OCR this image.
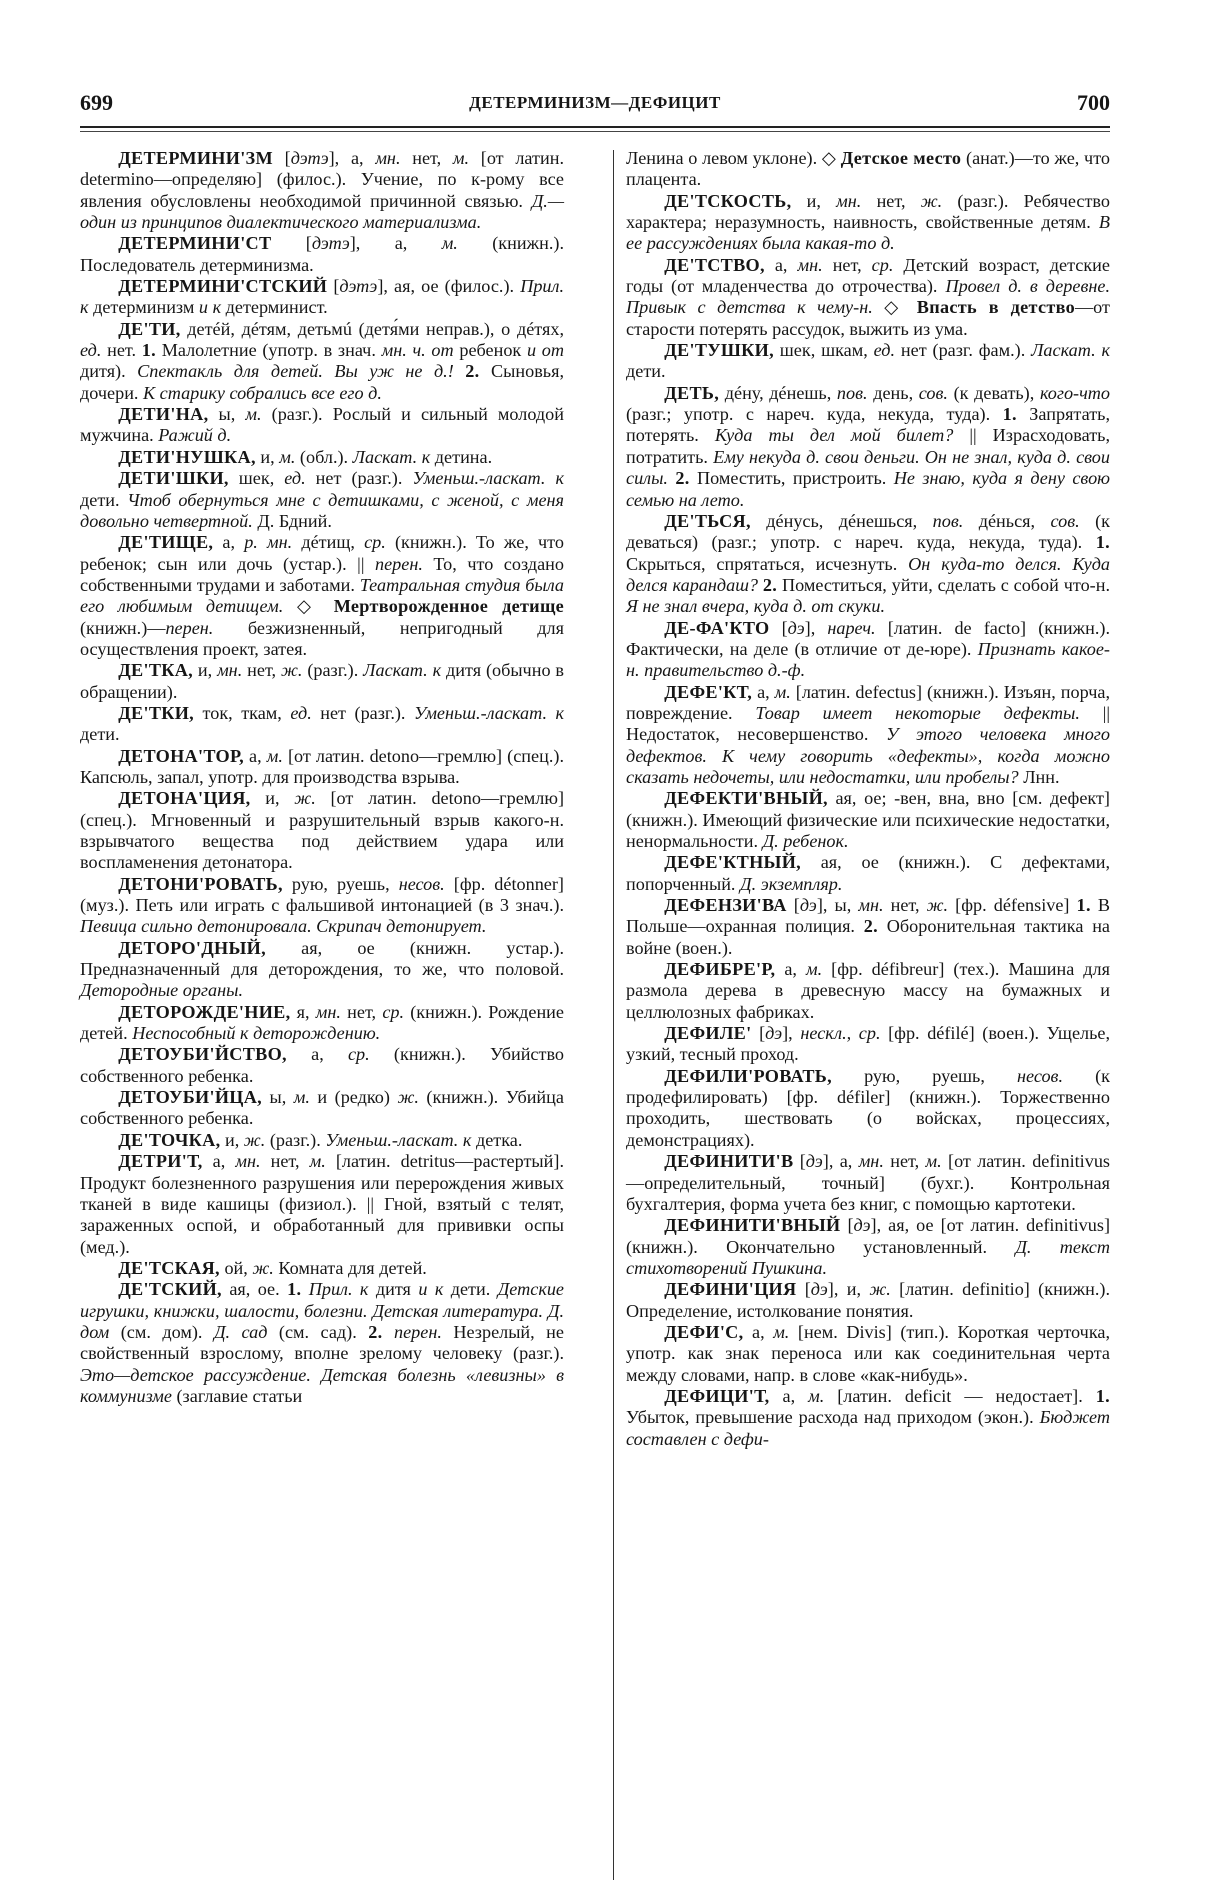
699	ДЕТЕРМИНИЗМ—ДЕФИЦИТ	700

ДЕТЕРМИНИ'ЗМ [дэтэ], а, мн. нет, м. [от латин. determino—определяю] (филос.). Учение, по к-рому все явления обусловлены необходимой причинной связью. Д.—один из принципов диалектического материализма.

ДЕТЕРМИНИ'СТ [дэтэ], а, м. (книжн.). Последователь детерминизма.

ДЕТЕРМИНИ'СТСКИЙ [дэтэ], ая, ое (филос.). Прил. к детерминизм и к детерминист.

ДЕ'ТИ, детéй, дéтям, детьмú (детя́ми неправ.), о дéтях, ед. нет. 1. Малолетние (употр. в знач. мн. ч. от ребенок и от дитя). Спектакль для детей. Вы уж не д.! 2. Сыновья, дочери. К старику собрались все его д.

ДЕТИ'НА, ы, м. (разг.). Рослый и сильный молодой мужчина. Ражий д.

ДЕТИ'НУШКА, и, м. (обл.). Ласкат. к детина.

ДЕТИ'ШКИ, шек, ед. нет (разг.). Уменьш.-ласкат. к дети. Чтоб обернуться мне с детишками, с женой, с меня довольно четвертной. Д. Бдний.

ДЕ'ТИЩЕ, а, р. мн. дéтищ, ср. (книжн.). То же, что ребенок; сын или дочь (устар.). || перен. То, что создано собственными трудами и заботами. Театральная студия была его любимым детищем. ◇ Мертворожденное детище (книжн.)—перен. безжизненный, непригодный для осуществления проект, затея.

ДЕ'ТКА, и, мн. нет, ж. (разг.). Ласкат. к дитя (обычно в обращении).

ДЕ'ТКИ, ток, ткам, ед. нет (разг.). Уменьш.-ласкат. к дети.

ДЕТОНА'ТОР, а, м. [от латин. detono—гремлю] (спец.). Капсюль, запал, употр. для производства взрыва.

ДЕТОНА'ЦИЯ, и, ж. [от латин. detono—гремлю] (спец.). Мгновенный и разрушительный взрыв какого-н. взрывчатого вещества под действием удара или воспламенения детонатора.

ДЕТОНИ'РОВАТЬ, рую, руешь, несов. [фр. détonner] (муз.). Петь или играть с фальшивой интонацией (в 3 знач.). Певица сильно детонировала. Скрипач детонирует.

ДЕТОРО'ДНЫЙ, ая, ое (книжн. устар.). Предназначенный для деторождения, то же, что половой. Детородные органы.

ДЕТОРОЖДЕ'НИЕ, я, мн. нет, ср. (книжн.). Рождение детей. Неспособный к деторождению.

ДЕТОУБИ'ЙСТВО, а, ср. (книжн.). Убийство собственного ребенка.

ДЕТОУБИ'ЙЦА, ы, м. и (редко) ж. (книжн.). Убийца собственного ребенка.

ДЕ'ТОЧКА, и, ж. (разг.). Уменьш.-ласкат. к детка.

ДЕТРИ'Т, а, мн. нет, м. [латин. detritus—растертый]. Продукт болезненного разрушения или перерождения живых тканей в виде кашицы (физиол.). || Гной, взятый с телят, зараженных оспой, и обработанный для прививки оспы (мед.).

ДЕ'ТСКАЯ, ой, ж. Комната для детей.

ДЕ'ТСКИЙ, ая, ое. 1. Прил. к дитя и к дети. Детские игрушки, книжки, шалости, болезни. Детская литература. Д. дом (см. дом). Д. сад (см. сад). 2. перен. Незрелый, не свойственный взрослому, вполне зрелому человеку (разг.). Это—детское рассуждение. Детская болезнь «левизны» в коммунизме (заглавие статьи

Ленина о левом уклоне). ◇ Детское место (анат.)—то же, что плацента.

ДЕ'ТСКОСТЬ, и, мн. нет, ж. (разг.). Ребячество характера; неразумность, наивность, свойственные детям. В ее рассуждениях была какая-то д.

ДЕ'ТСТВО, а, мн. нет, ср. Детский возраст, детские годы (от младенчества до отрочества). Провел д. в деревне. Привык с детства к чему-н. ◇ Впасть в детство—от старости потерять рассудок, выжить из ума.

ДЕ'ТУШКИ, шек, шкам, ед. нет (разг. фам.). Ласкат. к дети.

ДЕТЬ, дéну, дéнешь, пов. день, сов. (к девать), кого-что (разг.; употр. с нареч. куда, некуда, туда). 1. Запрятать, потерять. Куда ты дел мой билет? || Израсходовать, потратить. Ему некуда д. свои деньги. Он не знал, куда д. свои силы. 2. Поместить, пристроить. Не знаю, куда я дену свою семью на лето.

ДЕ'ТЬСЯ, дéнусь, дéнешься, пов. дéнься, сов. (к деваться) (разг.; употр. с нареч. куда, некуда, туда). 1. Скрыться, спрятаться, исчезнуть. Он куда-то делся. Куда делся карандаш? 2. Поместиться, уйти, сделать с собой что-н. Я не знал вчера, куда д. от скуки.

ДЕ-ФА'КТО [дэ], нареч. [латин. de facto] (книжн.). Фактически, на деле (в отличие от де-юре). Признать какое-н. правительство д.-ф.

ДЕФЕ'КТ, а, м. [латин. defectus] (книжн.). Изъян, порча, повреждение. Товар имеет некоторые дефекты. || Недостаток, несовершенство. У этого человека много дефектов. К чему говорить «дефекты», когда можно сказать недочеты, или недостатки, или пробелы? Лнн.

ДЕФЕКТИ'ВНЫЙ, ая, ое; -вен, вна, вно [см. дефект] (книжн.). Имеющий физические или психические недостатки, ненормальности. Д. ребенок.

ДЕФЕ'КТНЫЙ, ая, ое (книжн.). С дефектами, попорченный. Д. экземпляр.

ДЕФЕНЗИ'ВА [дэ], ы, мн. нет, ж. [фр. défensive] 1. В Польше—охранная полиция. 2. Оборонительная тактика на войне (воен.).

ДЕФИБРЕ'Р, а, м. [фр. défibreur] (тех.). Машина для размола дерева в древесную массу на бумажных и целлюлозных фабриках.

ДЕФИЛЕ' [дэ], нескл., ср. [фр. défilé] (воен.). Ущелье, узкий, тесный проход.

ДЕФИЛИ'РОВАТЬ, рую, руешь, несов. (к продефилировать) [фр. défiler] (книжн.). Торжественно проходить, шествовать (о войсках, процессиях, демонстрациях).

ДЕФИНИТИ'В [дэ], а, мн. нет, м. [от латин. definitivus—определительный, точный] (бухг.). Контрольная бухгалтерия, форма учета без книг, с помощью картотеки.

ДЕФИНИТИ'ВНЫЙ [дэ], ая, ое [от латин. definitivus] (книжн.). Окончательно установленный. Д. текст стихотворений Пушкина.

ДЕФИНИ'ЦИЯ [дэ], и, ж. [латин. definitio] (книжн.). Определение, истолкование понятия.

ДЕФИ'С, а, м. [нем. Divis] (тип.). Короткая черточка, употр. как знак переноса или как соединительная черта между словами, напр. в слове «как-нибудь».

ДЕФИЦИ'Т, а, м. [латин. deficit — недостает]. 1. Убыток, превышение расхода над приходом (экон.). Бюджет составлен с дефи-
